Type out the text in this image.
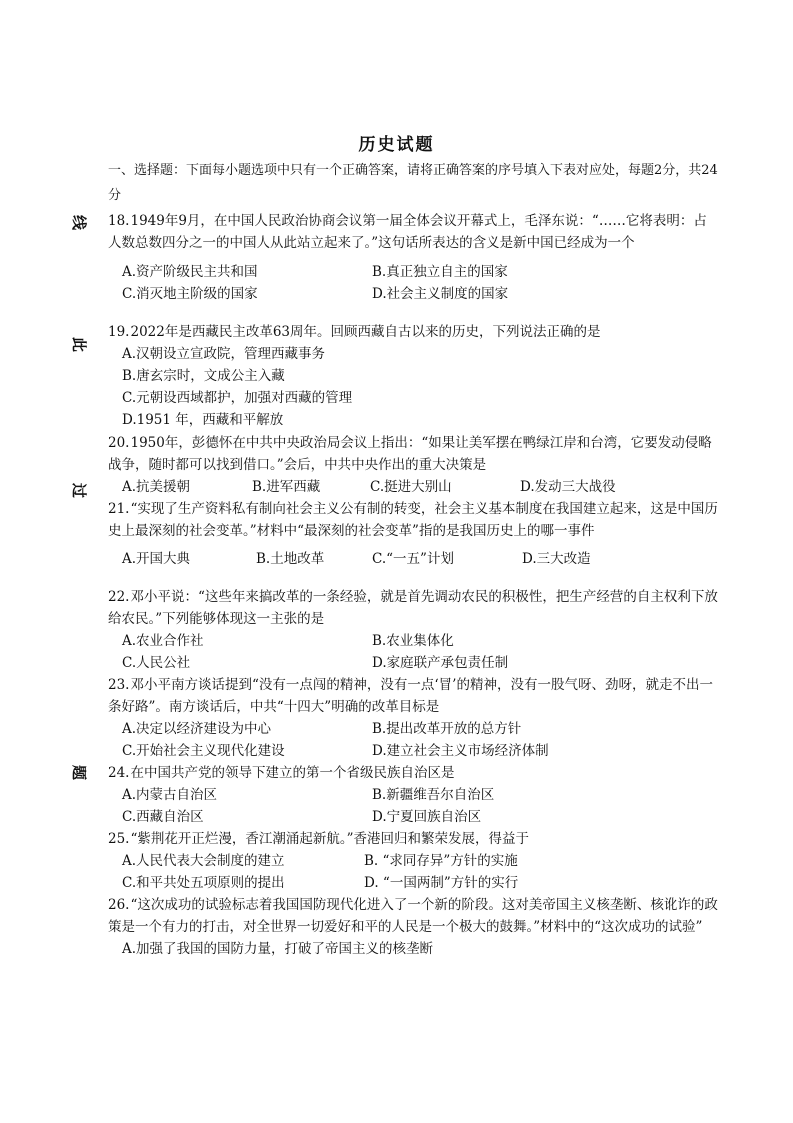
历史试题
一、选择题：下面每小题选项中只有一个正确答案，请将正确答案的序号填入下表对应处，每题2分，共24分
线
此
过
题
18.1949年9月，在中国人民政治协商会议第一届全体会议开幕式上，毛泽东说：“……它将表明：占人数总数四分之一的中国人从此站立起来了。”这句话所表达的含义是新中国已经成为一个
A.资产阶级民主共和国	B.真正独立自主的国家
C.消灭地主阶级的国家	D.社会主义制度的国家
19.2022年是西藏民主改革63周年。回顾西藏自古以来的历史，下列说法正确的是
A.汉朝设立宣政院，管理西藏事务
B.唐玄宗时，文成公主入藏
C.元朝设西域都护，加强对西藏的管理
D.1951 年，西藏和平解放
20.1950年，彭德怀在中共中央政治局会议上指出：“如果让美军摆在鸭绿江岸和台湾，它要发动侵略战争，随时都可以找到借口。”会后，中共中央作出的重大决策是
A.抗美援朝	B.进军西藏	C.挺进大别山	D.发动三大战役
21.“实现了生产资料私有制向社会主义公有制的转变，社会主义基本制度在我国建立起来，这是中国历史上最深刻的社会变革。”材料中“最深刻的社会变革”指的是我国历史上的哪一事件
A.开国大典	B.土地改革	C.“一五”计划	D.三大改造
22.邓小平说：“这些年来搞改革的一条经验，就是首先调动农民的积极性，把生产经营的自主权利下放给农民。”下列能够体现这一主张的是
A.农业合作社	B.农业集体化
C.人民公社	D.家庭联产承包责任制
23.邓小平南方谈话提到“没有一点闯的精神，没有一点‘冒’的精神，没有一股气呀、劲呀，就走不出一条好路”。南方谈话后，中共“十四大”明确的改革目标是
A.决定以经济建设为中心	B.提出改革开放的总方针
C.开始社会主义现代化建设	D.建立社会主义市场经济体制
24.在中国共产党的领导下建立的第一个省级民族自治区是
A.内蒙古自治区	B.新疆维吾尔自治区
C.西藏自治区	D.宁夏回族自治区
25.“紫荆花开正烂漫，香江潮涌起新航。”香港回归和繁荣发展，得益于
A.人民代表大会制度的建立	B. “求同存异”方针的实施
C.和平共处五项原则的提出	D. “一国两制”方针的实行
26.“这次成功的试验标志着我国国防现代化进入了一个新的阶段。这对美帝国主义核垄断、核讹诈的政策是一个有力的打击，对全世界一切爱好和平的人民是一个极大的鼓舞。”材料中的“这次成功的试验”
A.加强了我国的国防力量，打破了帝国主义的核垄断
